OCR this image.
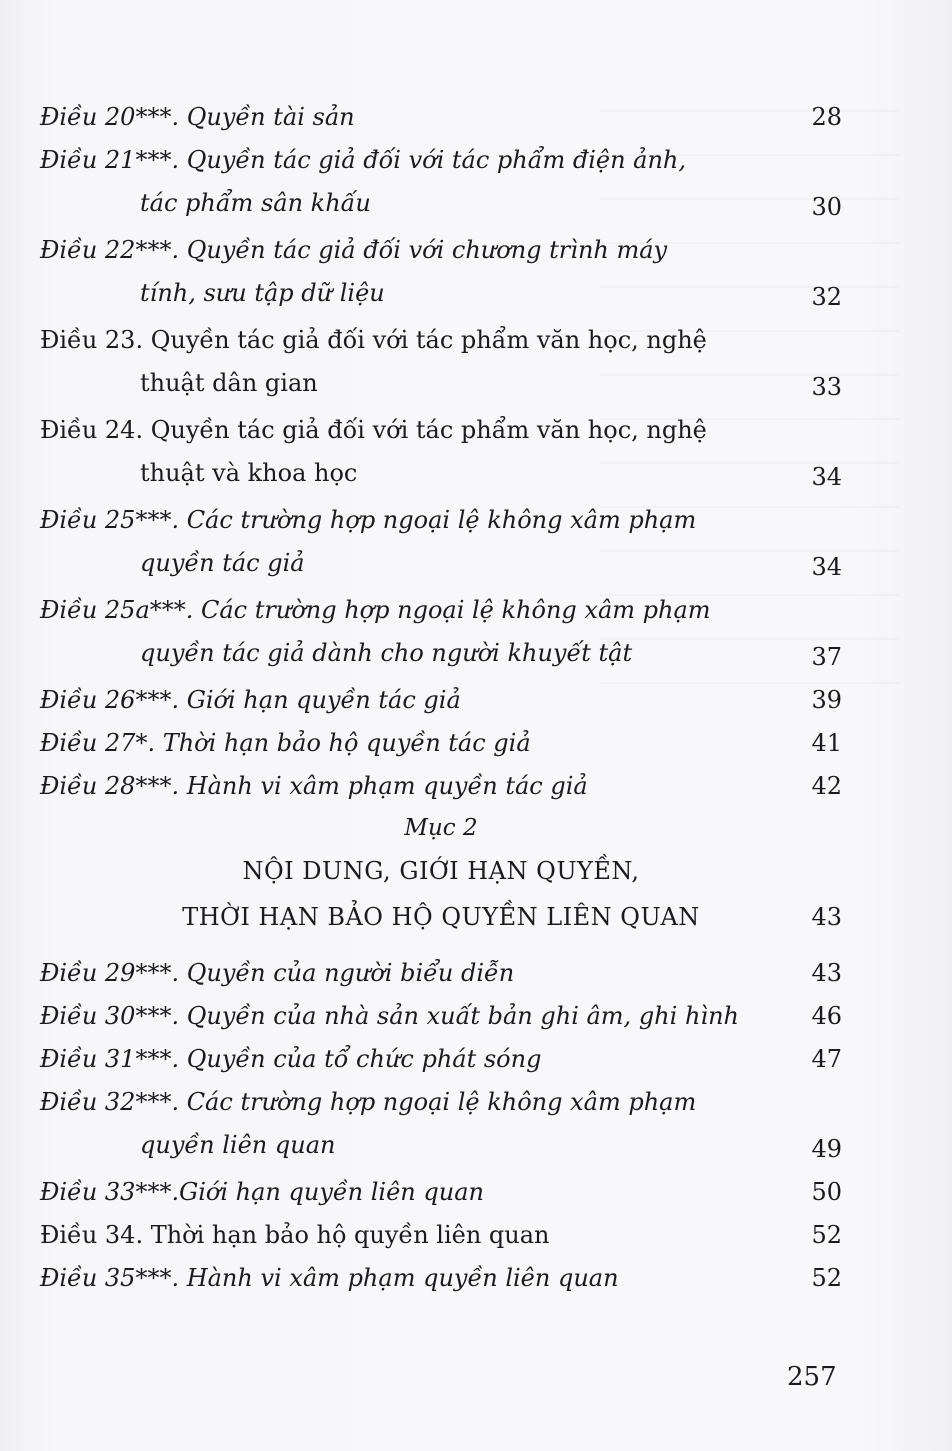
Điều 20***. Quyền tài sản	28
Điều 21***. Quyền tác giả đối với tác phẩm điện ảnh,
tác phẩm sân khấu	30
Điều 22***. Quyền tác giả đối với chương trình máy
tính, sưu tập dữ liệu	32
Điều 23. Quyền tác giả đối với tác phẩm văn học, nghệ
thuật dân gian	33
Điều 24. Quyền tác giả đối với tác phẩm văn học, nghệ
thuật và khoa học	34
Điều 25***. Các trường hợp ngoại lệ không xâm phạm
quyền tác giả	34
Điều 25a***. Các trường hợp ngoại lệ không xâm phạm
quyền tác giả dành cho người khuyết tật	37
Điều 26***. Giới hạn quyền tác giả	39
Điều 27*. Thời hạn bảo hộ quyền tác giả	41
Điều 28***. Hành vi xâm phạm quyền tác giả	42
Mục 2
NỘI DUNG, GIỚI HẠN QUYỀN,
THỜI HẠN BẢO HỘ QUYỀN LIÊN QUAN	43
Điều 29***. Quyền của người biểu diễn	43
Điều 30***. Quyền của nhà sản xuất bản ghi âm, ghi hình	46
Điều 31***. Quyền của tổ chức phát sóng	47
Điều 32***. Các trường hợp ngoại lệ không xâm phạm
quyền liên quan	49
Điều 33***.Giới hạn quyền liên quan	50
Điều 34. Thời hạn bảo hộ quyền liên quan	52
Điều 35***. Hành vi xâm phạm quyền liên quan	52
257
